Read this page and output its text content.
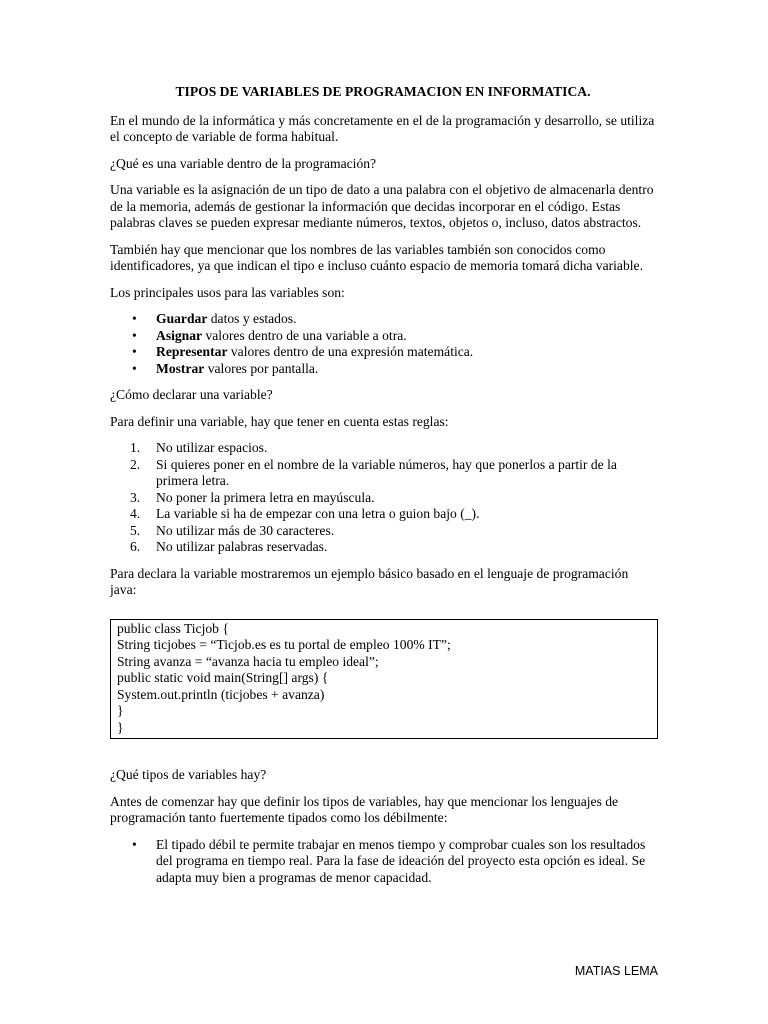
TIPOS DE VARIABLES DE PROGRAMACION EN INFORMATICA.

En el mundo de la informática y más concretamente en el de la programación y desarrollo, se utiliza el concepto de variable de forma habitual.

¿Qué es una variable dentro de la programación?

Una variable es la asignación de un tipo de dato a una palabra con el objetivo de almacenarla dentro de la memoria, además de gestionar la información que decidas incorporar en el código. Estas palabras claves se pueden expresar mediante números, textos, objetos o, incluso, datos abstractos.

También hay que mencionar que los nombres de las variables también son conocidos como identificadores, ya que indican el tipo e incluso cuánto espacio de memoria tomará dicha variable.

Los principales usos para las variables son:

• Guardar datos y estados.
• Asignar valores dentro de una variable a otra.
• Representar valores dentro de una expresión matemática.
• Mostrar valores por pantalla.

¿Cómo declarar una variable?

Para definir una variable, hay que tener en cuenta estas reglas:

1. No utilizar espacios.
2. Si quieres poner en el nombre de la variable números, hay que ponerlos a partir de la primera letra.
3. No poner la primera letra en mayúscula.
4. La variable si ha de empezar con una letra o guion bajo (_).
5. No utilizar más de 30 caracteres.
6. No utilizar palabras reservadas.

Para declara la variable mostraremos un ejemplo básico basado en el lenguaje de programación java:

public class Ticjob {
String ticjobes = “Ticjob.es es tu portal de empleo 100% IT”;
String avanza = “avanza hacia tu empleo ideal”;
public static void main(String[] args) {
System.out.println (ticjobes + avanza)
}
}

¿Qué tipos de variables hay?

Antes de comenzar hay que definir los tipos de variables, hay que mencionar los lenguajes de programación tanto fuertemente tipados como los débilmente:

• El tipado débil te permite trabajar en menos tiempo y comprobar cuales son los resultados del programa en tiempo real. Para la fase de ideación del proyecto esta opción es ideal. Se adapta muy bien a programas de menor capacidad.
MATIAS LEMA
